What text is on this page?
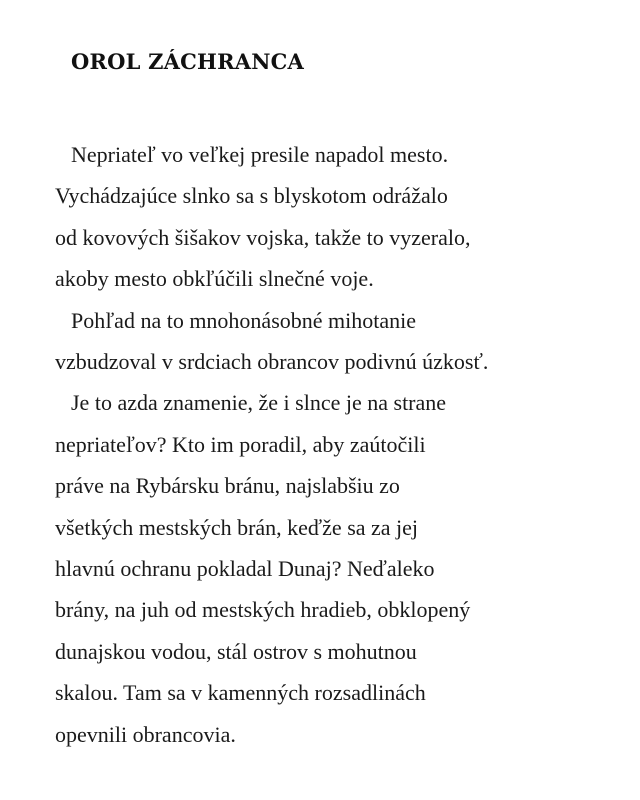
OROL ZÁCHRANCA
Nepriateľ vo veľkej presile napadol mesto.
Vychádzajúce slnko sa s blyskotom odrážalo
od kovových šišakov vojska, takže to vyzeralo,
akoby mesto obkľúčili slnečné voje.
Pohľad na to mnohonásobné mihotanie
vzbudzoval v srdciach obrancov podivnú úzkosť.
Je to azda znamenie, že i slnce je na strane
nepriateľov? Kto im poradil, aby zaútočili
práve na Rybársku bránu, najslabšiu zo
všetkých mestských brán, keďže sa za jej
hlavnú ochranu pokladal Dunaj? Neďaleko
brány, na juh od mestských hradieb, obklopený
dunajskou vodou, stál ostrov s mohutnou
skalou. Tam sa v kamenných rozsadlinách
opevnili obrancovia.
